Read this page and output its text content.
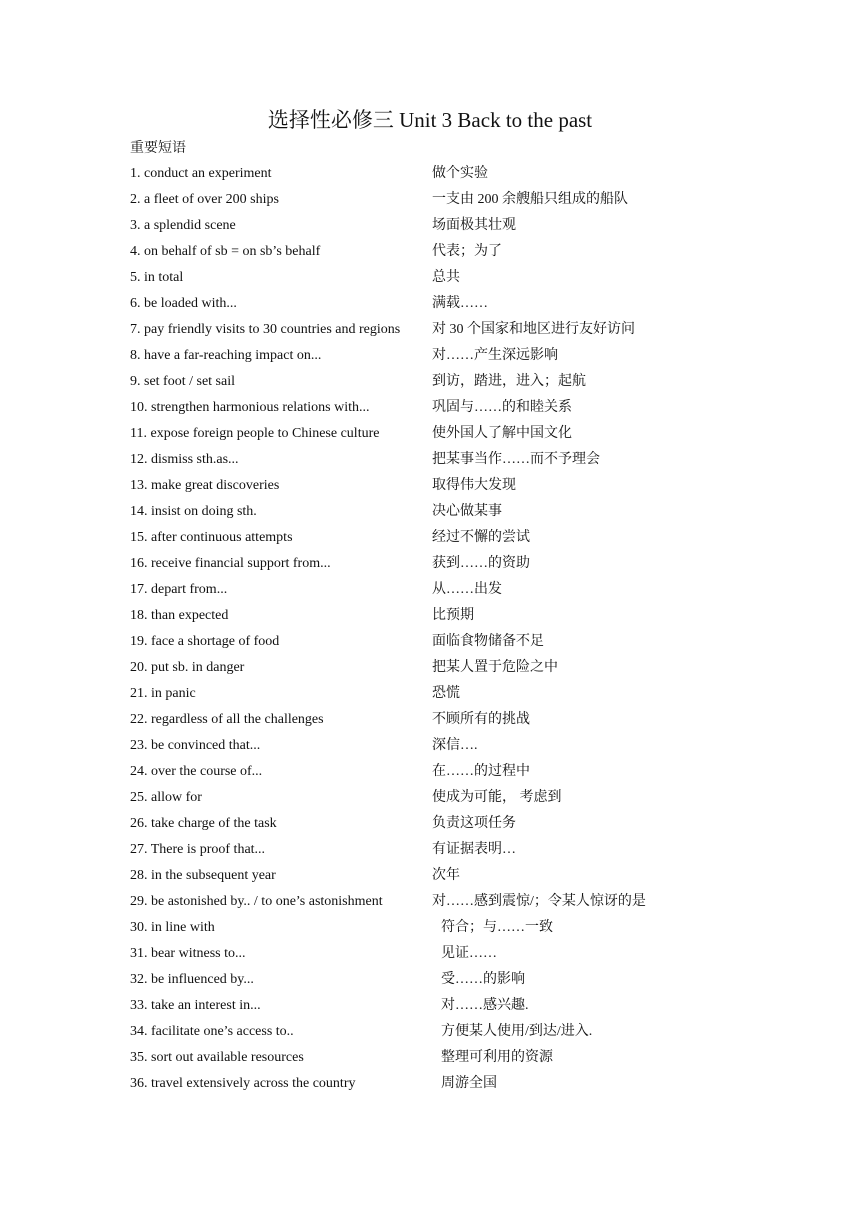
选择性必修三 Unit 3 Back to the past
重要短语
1. conduct an experiment	做个实验
2. a fleet of over 200 ships	一支由 200 余艘船只组成的船队
3. a splendid scene	场面极其壮观
4. on behalf of sb = on sb’s behalf	代表；为了
5. in total	总共
6. be loaded with...	满载……
7. pay friendly visits to 30 countries and regions 对 30 个国家和地区进行友好访问
8. have a far-reaching impact on...	对……产生深远影响
9. set foot / set sail	到访，踏进，进入；起航
10. strengthen harmonious relations with...	巩固与……的和睦关系
11. expose foreign people to Chinese culture	使外国人了解中国文化
12. dismiss sth.as...	把某事当作……而不予理会
13. make great discoveries	取得伟大发现
14. insist on doing sth.	决心做某事
15. after continuous attempts	经过不懈的尝试
16. receive financial support from...	获到……的资助
17. depart from...	从……出发
18. than expected	比预期
19. face a shortage of food	面临食物储备不足
20. put sb. in danger	把某人置于危险之中
21. in panic	恐慌
22. regardless of all the challenges	不顾所有的挑战
23. be convinced that...	深信….
24. over the course of...	在……的过程中
25. allow for	使成为可能， 考虑到
26. take charge of the task	负责这项任务
27. There is proof that...	有证据表明…
28. in the subsequent year	次年
29. be astonished by.. / to one’s astonishment	对……感到震惊/；令某人惊讶的是
30. in line with	符合；与……一致
31. bear witness to...	见证……
32. be influenced by...	受……的影响
33. take an interest in...	对……感兴趣.
34. facilitate one’s access to..	方便某人使用/到达/进入.
35. sort out available resources	整理可利用的资源
36. travel extensively across the country	周游全国
